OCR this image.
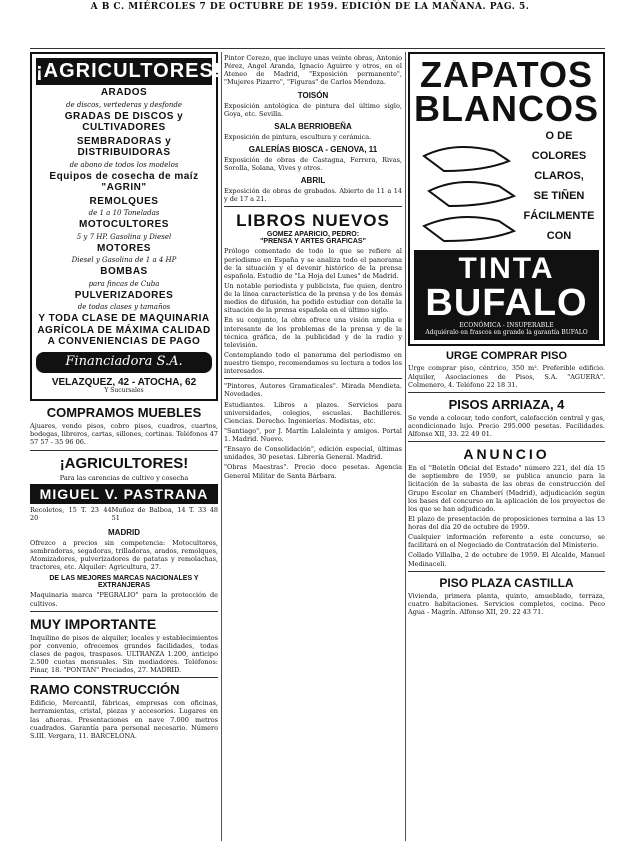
A B C. MIÉRCOLES 7 DE OCTUBRE DE 1959. EDICIÓN DE LA MAÑANA. PAG. 5.
¡AGRICULTORES!
ARADOS
de discos, vertederas y desfonde
GRADAS DE DISCOS y CULTIVADORES
SEMBRADORAS y DISTRIBUIDORAS
de abono de todos los modelos
Equipos de cosecha de maíz "AGRIN"
REMOLQUES
de 1 a 10 Toneladas
MOTOCULTORES
5 y 7 HP. Gasolina y Diesel
MOTORES
Diesel y Gasolina de 1 a 4 HP
BOMBAS
para fincas de Cuba
PULVERIZADORES
de todas clases y tamaños
Y TODA CLASE DE MAQUINARIA AGRÍCOLA DE MÁXIMA CALIDAD A CONVENIENCIAS DE PAGO
Financiadora S.A.
VELAZQUEZ, 42 - ATOCHA, 62
Y Sucursales
COMPRAMOS MUEBLES
Ajuares, vendo pisos, cobro pisos, cuadros, cuartos, bodegas, libreros, cartas, sillones, cortinas. Teléfonos 47 57 57 - 35 96 06.
¡AGRICULTORES!
Para las carencias de cultivo y cosecha
MIGUEL V. PASTRANA
Recoletos, 15 T. 23 44 20
Muñoz de Balboa, 14 T. 33 48 51
MADRID
Ofrezco a precios sin competencia: Motocultores, sembradoras, segadoras, trilladoras, arados, remolques, Atomizadores, pulverizadores de patatas y remolachas, tractores, etc. Alquiler: Agricultura, 27.
DE LAS MEJORES MARCAS NACIONALES Y EXTRANJERAS
Maquinaria marca "PEGRALIO" para la protección de cultivos.
MUY IMPORTANTE
Inquilino de pisos de alquiler, locales y establecimientos por convenio, ofrecemos grandes facilidades, todas clases de pagos, traspasos. ULTRANZA 1.200, anticipo 2.500 cuotas mensuales. Sin mediadores. Teléfonos: Pinar, 18. "PONTAN" Preciados, 27. MADRID.
RAMO CONSTRUCCIÓN
Edificio, Mercantil, fábricas, empresas con oficinas, herramientas, cristal, piezas y accesorios. Lugares en las afueras. Presentaciones en nave 7.000 metros cuadrados. Garantía para personal necesario. Número S.III. Vergara, 11. BARCELONA.
Pintor Cerezo, que incluye unas veinte obras, Antonio Pérez, Angel Aranda, Ignacio Aguirre y otros, en el Ateneo de Madrid, "Exposición permanente", "Mujeres Pizarro", "Figuras" de Carlos Mendoza.
TOISÓN
Exposición antológica de pintura del último siglo, Goya, etc. Sevilla.
SALA BERRIOBEÑA
Exposición de pintura, escultura y cerámica.
GALERÍAS BIOSCA - GENOVA, 11
Exposición de obras de Castagna, Ferrera, Rivas, Sorolla, Solana, Vives y otros.
ABRIL
Exposición de obras de grabados. Abierto de 11 a 14 y de 17 a 21.
LIBROS NUEVOS
GOMEZ APARICIO, PEDRO:
"PRENSA Y ARTES GRAFICAS"
Prólogo comentado de todo lo que se refiere al periodismo en España y se analiza todo el panorama de la situación y el devenir histórico de la prensa española. Estudio de "La Hoja del Lunes" de Madrid.
Un notable periodista y publicista, fue quien, dentro de la línea característica de la prensa y de los demás medios de difusión, ha podido estudiar con detalle la situación de la prensa española en el último siglo.
En su conjunto, la obra ofrece una visión amplia e interesante de los problemas de la prensa y de la técnica gráfica, de la publicidad y de la radio y televisión.
Contemplando todo el panorama del periodismo en nuestro tiempo, recomendamos su lectura a todos los interesados.
"Pintores, Autores Gramaticales". Mirada Mendieta. Novedades.
Estudiantes. Libros a plazos. Servicios para universidades, colegios, escuelas. Bachilleres. Ciencias. Derecho. Ingenierías. Modistas, etc.
"Santiago", por J. Martín Lalaleinta y amigos. Portal 1. Madrid. Nuevo.
"Ensayo de Consolidación", edición especial, últimas unidades, 30 pesetas. Librería General. Madrid.
"Obras Maestras". Precio doce pesetas. Agencia General Militar de Santa Bárbara.
ZAPATOS
BLANCOS
O DE
COLORES
CLAROS,
SE TIÑEN
FÁCILMENTE
CON
TINTA
BUFALO
ECONÓMICA - INSUPERABLE
Adquiéralo en frascos en grande la garantía BUFALO
URGE COMPRAR PISO
Urge comprar piso, céntrico, 350 m². Preferible edificio. Alquiler, Asociaciones de Pisos, S.A. "AGUERA". Colmenero, 4. Teléfono 22 18 31.
PISOS ARRIAZA, 4
Se vende a colocar, todo confort, calefacción central y gas, acondicionado lujo. Precio 295.000 pesetas. Facilidades. Alfonso XII, 33. 22 49 01.
ANUNCIO
En el "Boletín Oficial del Estado" número 221, del día 15 de septiembre de 1959, se publica anuncio para la licitación de la subasta de las obras de construcción del Grupo Escolar en Chamberí (Madrid), adjudicación según los bases del concurso en la aplicación de los proyectos de los que se han adjudicado.
El plazo de presentación de proposiciones termina a las 13 horas del día 20 de octubre de 1959.
Cualquier información referente a este concurso, se facilitará en el Negociado de Contratación del Ministerio.
Collado Villalba, 2 de octubre de 1959. El Alcalde, Manuel Medinaceli.
PISO PLAZA CASTILLA
Vivienda, primera planta, quinto, amueblado, terraza, cuatro habitaciones. Servicios completos, cocina. Peco Agua - Magrín. Alfonso XII, 29. 22 43 71.
